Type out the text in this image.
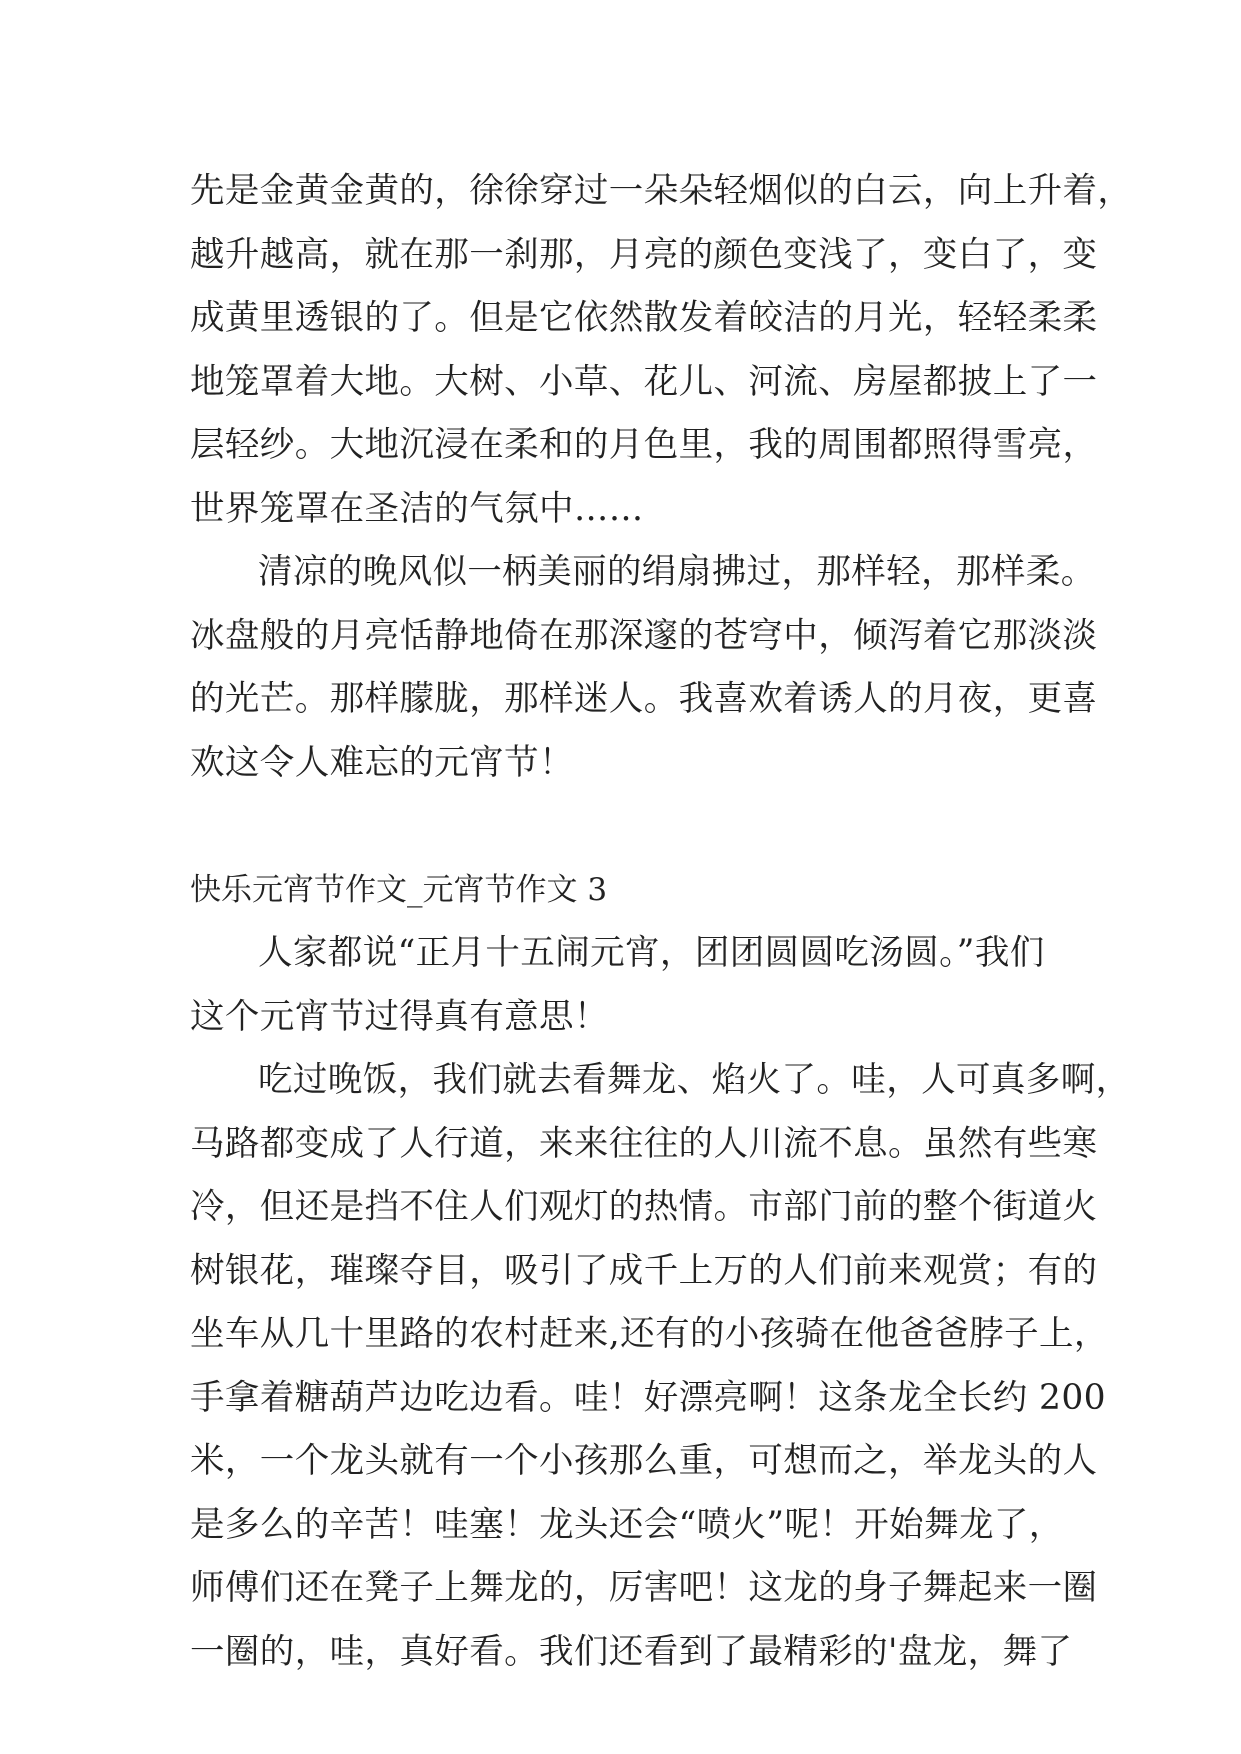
先是金黄金黄的，徐徐穿过一朵朵轻烟似的白云，向上升着，
越升越高，就在那一刹那，月亮的颜色变浅了，变白了，变
成黄里透银的了。但是它依然散发着皎洁的月光，轻轻柔柔
地笼罩着大地。大树、小草、花儿、河流、房屋都披上了一
层轻纱。大地沉浸在柔和的月色里，我的周围都照得雪亮，
世界笼罩在圣洁的气氛中……
清凉的晚风似一柄美丽的绢扇拂过，那样轻，那样柔。
冰盘般的月亮恬静地倚在那深邃的苍穹中，倾泻着它那淡淡
的光芒。那样朦胧，那样迷人。我喜欢着诱人的月夜，更喜
欢这令人难忘的元宵节！
快乐元宵节作文_元宵节作文 3
人家都说“正月十五闹元宵，团团圆圆吃汤圆。”我们
这个元宵节过得真有意思！
吃过晚饭，我们就去看舞龙、焰火了。哇，人可真多啊，
马路都变成了人行道，来来往往的人川流不息。虽然有些寒
冷，但还是挡不住人们观灯的热情。市部门前的整个街道火
树银花，璀璨夺目，吸引了成千上万的人们前来观赏；有的
坐车从几十里路的农村赶来,还有的小孩骑在他爸爸脖子上，
手拿着糖葫芦边吃边看。哇！好漂亮啊！这条龙全长约 200
米，一个龙头就有一个小孩那么重，可想而之，举龙头的人
是多么的辛苦！哇塞！龙头还会“喷火”呢！开始舞龙了，
师傅们还在凳子上舞龙的，厉害吧！这龙的身子舞起来一圈
一圈的，哇，真好看。我们还看到了最精彩的'盘龙，舞了
